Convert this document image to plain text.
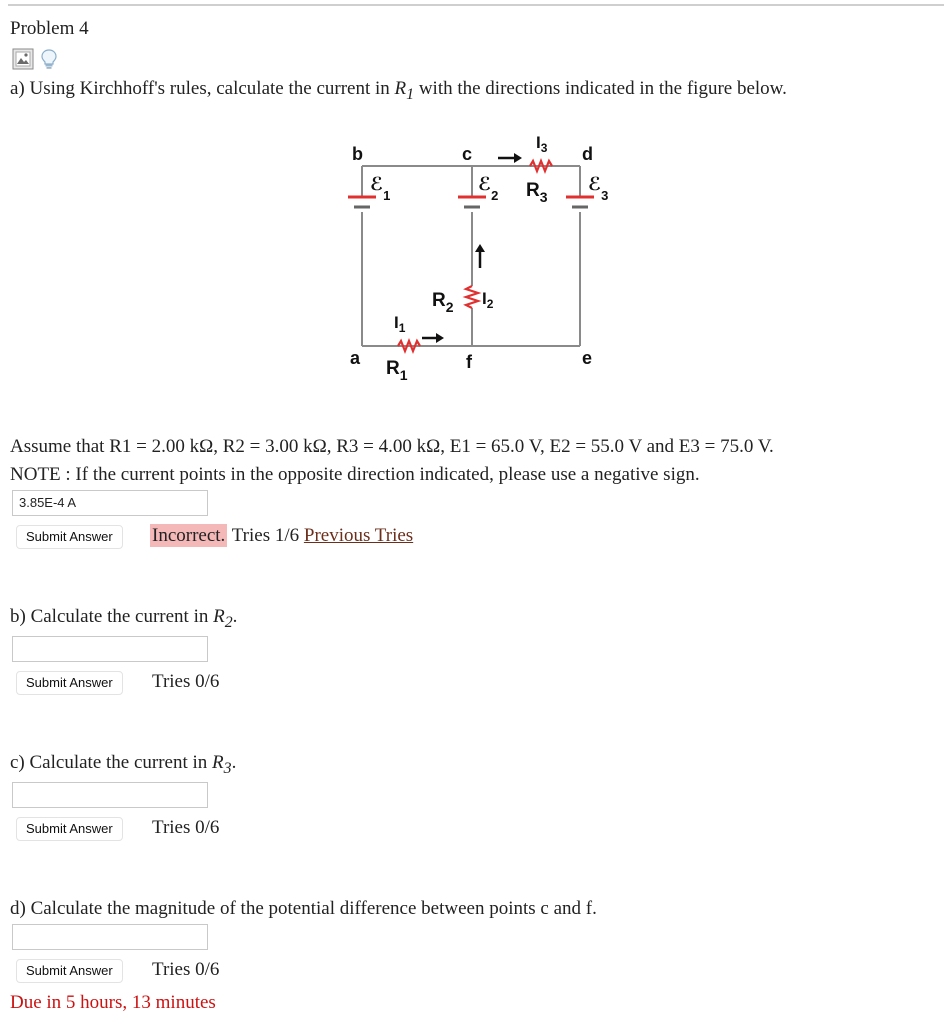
Problem 4
a) Using Kirchhoff's rules, calculate the current in $R_1$ with the directions indicated in the figure below.
b	c	d
a	f	e
ℰ$_1$
ℰ$_2$
ℰ$_3$
$R_3$
$R_2$
$R_1$
$I_3$
$I_2$
$I_1$
Assume that R1 = 2.00 kΩ, R2 = 3.00 kΩ, R3 = 4.00 kΩ, E1 = 65.0 V, E2 = 55.0 V and E3 = 75.0 V.
NOTE : If the current points in the opposite direction indicated, please use a negative sign.
3.85E-4 A
Submit Answer	Incorrect. Tries 1/6 Previous Tries
b) Calculate the current in $R_2$.
Submit Answer	Tries 0/6
c) Calculate the current in $R_3$.
Submit Answer	Tries 0/6
d) Calculate the magnitude of the potential difference between points c and f.
Submit Answer	Tries 0/6
Due in 5 hours, 13 minutes
